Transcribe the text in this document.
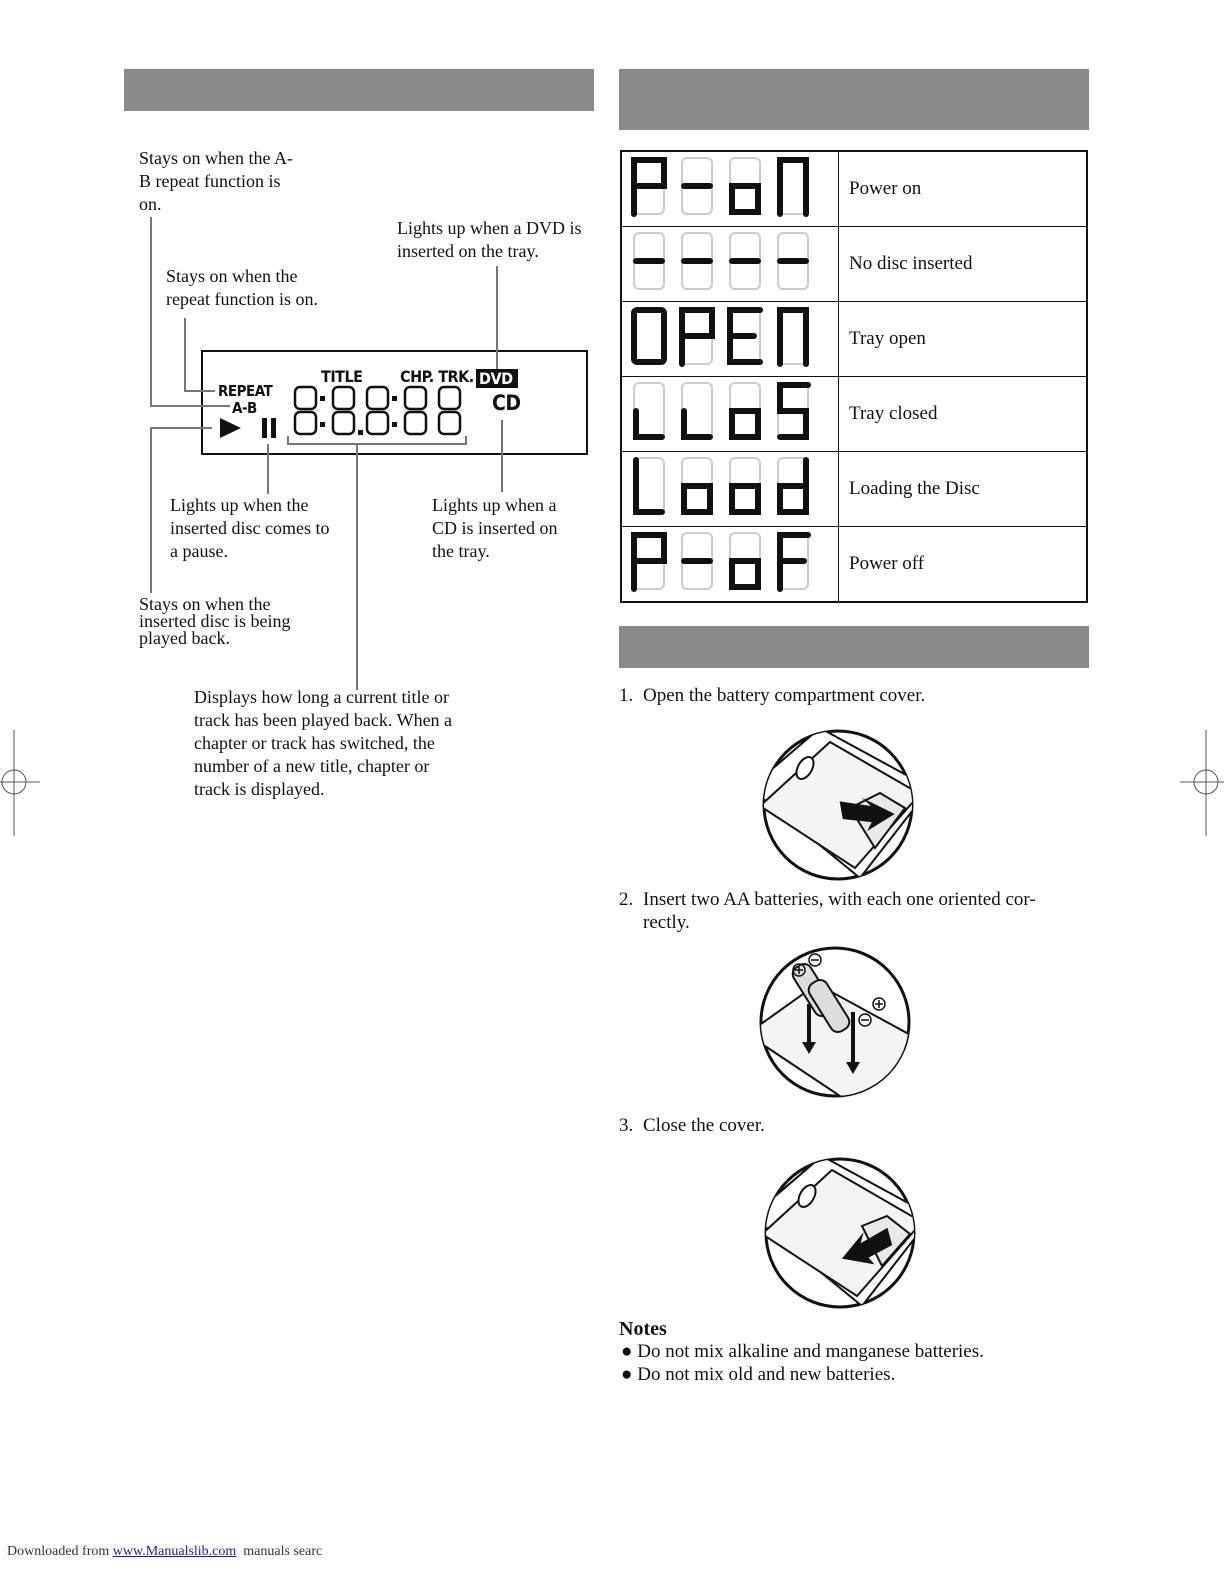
REPEAT
A-B
TITLE CHP. TRK. DVD
CD
Stays on when the A-B repeat function is on.
Lights up when a DVD is inserted on the tray.
Stays on when the repeat function is on.
Lights up when the inserted disc comes to a pause.
Lights up when a CD is inserted on the tray.
Stays on when the inserted disc is being played back.
Displays how long a current title or track has been played back. When a chapter or track has switched, the number of a new title, chapter or track is displayed.
	Power on
	No disc inserted
	Tray open
	Tray closed
	Loading the Disc
	Power off
1. Open the battery compartment cover.
2. Insert two AA batteries, with each one oriented cor-
rectly.
3. Close the cover.
Notes
● Do not mix alkaline and manganese batteries.
● Do not mix old and new batteries.
Downloaded from www.Manualslib.com manuals searc
